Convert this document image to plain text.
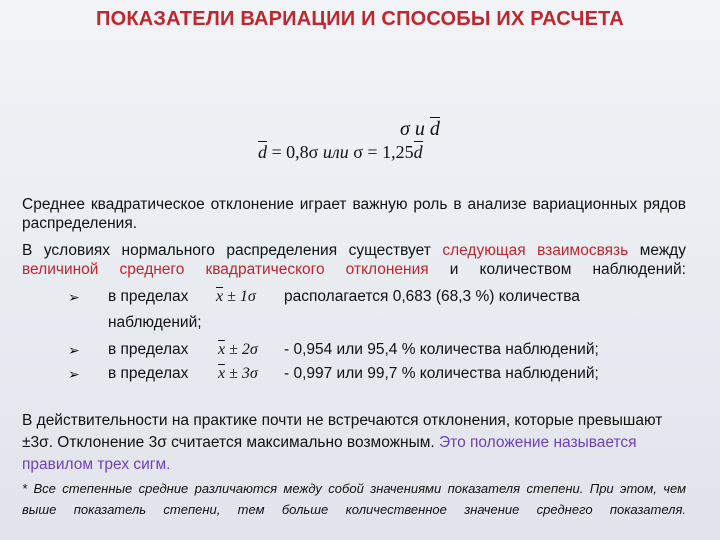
ПОКАЗАТЕЛИ ВАРИАЦИИ И СПОСОБЫ ИХ РАСЧЕТА
σ и d
d = 0,8σ или σ = 1,25d
Среднее квадратическое отклонение играет важную роль в анализе вариационных рядов распределения.
В условиях нормального распределения существует следующая взаимосвязь между величиной среднего квадратического отклонения и количеством наблюдений:
➢ в пределах x ± 1σ располагается 0,683 (68,3 %) количества
наблюдений;
➢ в пределах x ± 2σ - 0,954 или 95,4 % количества наблюдений;
➢ в пределах x ± 3σ - 0,997 или 99,7 % количества наблюдений;
В действительности на практике почти не встречаются отклонения, которые превышают ±3σ. Отклонение 3σ считается максимально возможным. Это положение называется правилом трех сигм.
* Все степенные средние различаются между собой значениями показателя степени. При этом, чем выше показатель степени, тем больше количественное значение среднего показателя.
